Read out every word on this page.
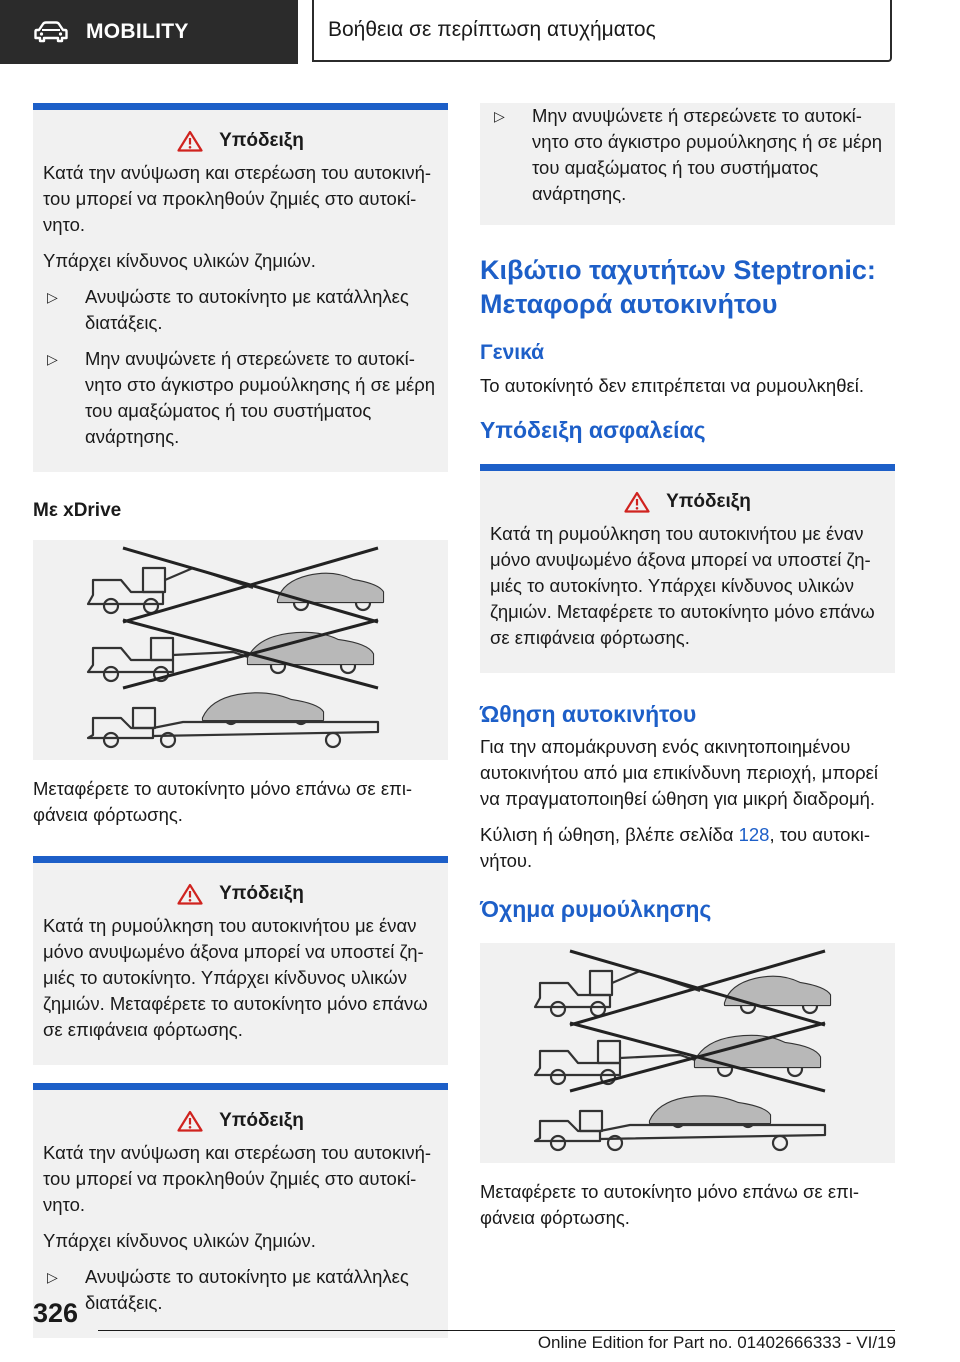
MOBILITY	Βοήθεια σε περίπτωση ατυχήματος
Υπόδειξη

Κατά την ανύψωση και στερέωση του αυτοκινή-του μπορεί να προκληθούν ζημιές στο αυτοκί-νητο.

Υπάρχει κίνδυνος υλικών ζημιών.

▷	Ανυψώστε το αυτοκίνητο με κατάλληλες διατάξεις.
▷	Μην ανυψώνετε ή στερεώνετε το αυτοκί-νητο στο άγκιστρο ρυμούλκησης ή σε μέρη του αμαξώματος ή του συστήματος ανάρτησης.
Με xDrive

Μεταφέρετε το αυτοκίνητο μόνο επάνω σε επι-φάνεια φόρτωσης.

Υπόδειξη

Κατά τη ρυμούλκηση του αυτοκινήτου με έναν μόνο ανυψωμένο άξονα μπορεί να υποστεί ζη-μιές το αυτοκίνητο. Υπάρχει κίνδυνος υλικών ζημιών. Μεταφέρετε το αυτοκίνητο μόνο επάνω σε επιφάνεια φόρτωσης.

Υπόδειξη

Κατά την ανύψωση και στερέωση του αυτοκινή-του μπορεί να προκληθούν ζημιές στο αυτοκί-νητο.

Υπάρχει κίνδυνος υλικών ζημιών.

▷	Ανυψώστε το αυτοκίνητο με κατάλληλες διατάξεις.
▷	Μην ανυψώνετε ή στερεώνετε το αυτοκί-νητο στο άγκιστρο ρυμούλκησης ή σε μέρη του αμαξώματος ή του συστήματος ανάρτησης.
Κιβώτιο ταχυτήτων Steptronic: Μεταφορά αυτοκινήτου
Γενικά

Το αυτοκίνητό δεν επιτρέπεται να ρυμουλκηθεί.

Υπόδειξη ασφαλείας
Υπόδειξη

Κατά τη ρυμούλκηση του αυτοκινήτου με έναν μόνο ανυψωμένο άξονα μπορεί να υποστεί ζη-μιές το αυτοκίνητο. Υπάρχει κίνδυνος υλικών ζημιών. Μεταφέρετε το αυτοκίνητο μόνο επάνω σε επιφάνεια φόρτωσης.

Ώθηση αυτοκινήτου

Για την απομάκρυνση ενός ακινητοποιημένου αυτοκινήτου από μια επικίνδυνη περιοχή, μπορεί να πραγματοποιηθεί ώθηση για μικρή διαδρομή.

Κύλιση ή ώθηση, βλέπε σελίδα 128, του αυτοκι-νήτου.

Όχημα ρυμούλκησης

Μεταφέρετε το αυτοκίνητο μόνο επάνω σε επι-φάνεια φόρτωσης.

326
Online Edition for Part no. 01402666333 - VI/19
